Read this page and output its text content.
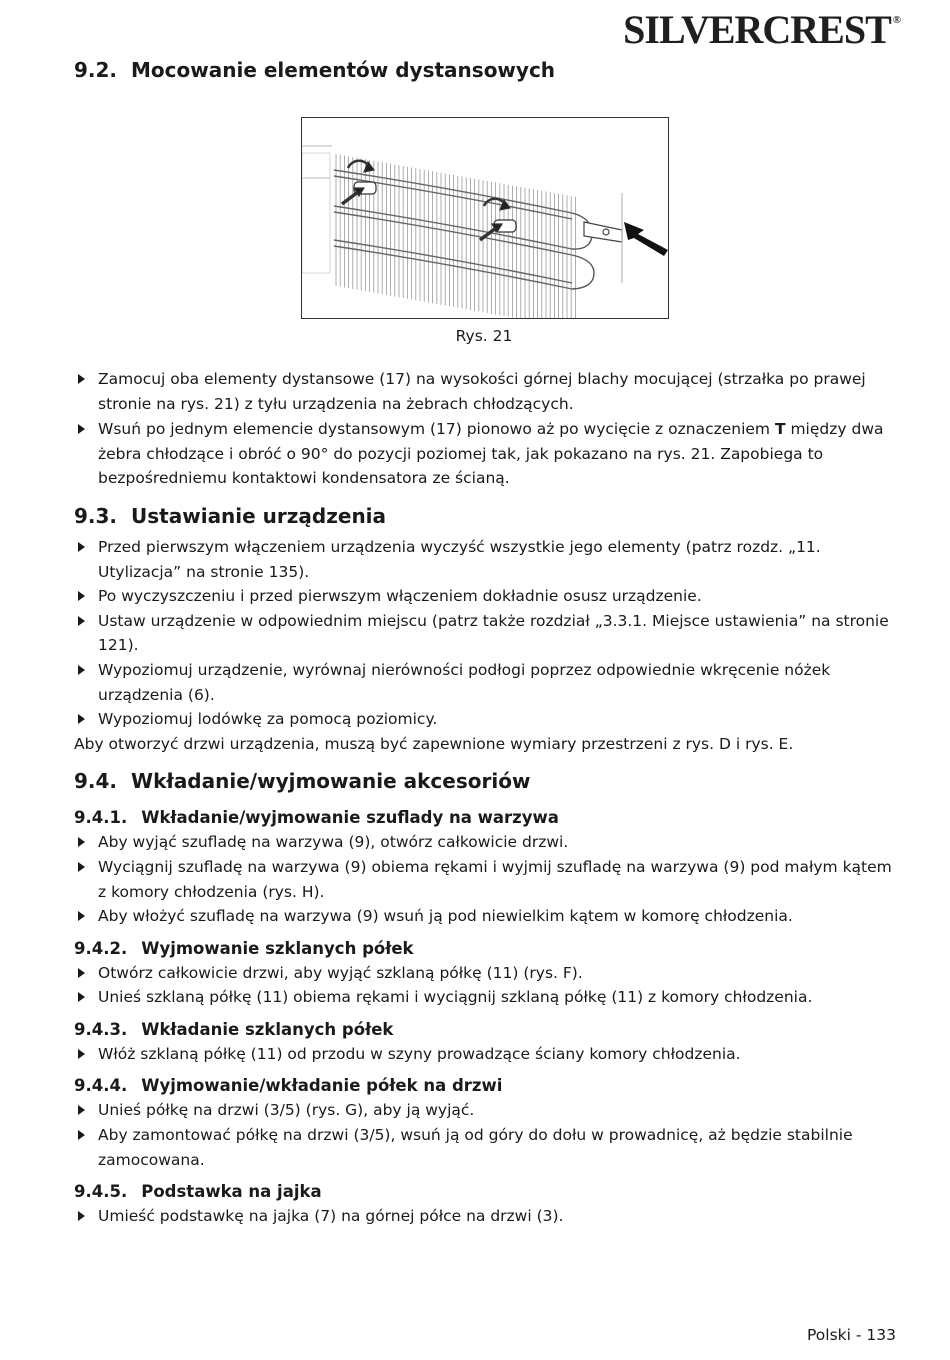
SILVERCREST ®
9.2. Mocowanie elementów dystansowych
Rys. 21
Zamocuj oba elementy dystansowe (17) na wysokości górnej blachy mocującej (strzałka po prawej stronie na rys. 21) z tyłu urządzenia na żebrach chłodzących.
Wsuń po jednym elemencie dystansowym (17) pionowo aż po wycięcie z oznaczeniem T między dwa żebra chłodzące i obróć o 90° do pozycji poziomej tak, jak pokazano na rys. 21. Zapobiega to bezpośredniemu kontaktowi kondensatora ze ścianą.
9.3. Ustawianie urządzenia
Przed pierwszym włączeniem urządzenia wyczyść wszystkie jego elementy (patrz rozdz. „11. Utylizacja” na stronie 135).
Po wyczyszczeniu i przed pierwszym włączeniem dokładnie osusz urządzenie.
Ustaw urządzenie w odpowiednim miejscu (patrz także rozdział „3.3.1. Miejsce ustawienia” na stronie 121).
Wypoziomuj urządzenie, wyrównaj nierówności podłogi poprzez odpowiednie wkręcenie nóżek urządzenia (6).
Wypoziomuj lodówkę za pomocą poziomicy.

Aby otworzyć drzwi urządzenia, muszą być zapewnione wymiary przestrzeni z rys. D i rys. E.

9.4. Wkładanie/wyjmowanie akcesoriów
9.4.1. Wkładanie/wyjmowanie szuflady na warzywa
Aby wyjąć szufladę na warzywa (9), otwórz całkowicie drzwi.
Wyciągnij szufladę na warzywa (9) obiema rękami i wyjmij szufladę na warzywa (9) pod małym kątem z komory chłodzenia (rys. H).
Aby włożyć szufladę na warzywa (9) wsuń ją pod niewielkim kątem w komorę chłodzenia.
9.4.2. Wyjmowanie szklanych półek
Otwórz całkowicie drzwi, aby wyjąć szklaną półkę (11) (rys. F).
Unieś szklaną półkę (11) obiema rękami i wyciągnij szklaną półkę (11) z komory chłodzenia.
9.4.3. Wkładanie szklanych półek
Włóż szklaną półkę (11) od przodu w szyny prowadzące ściany komory chłodzenia.
9.4.4. Wyjmowanie/wkładanie półek na drzwi
Unieś półkę na drzwi (3/5) (rys. G), aby ją wyjąć.
Aby zamontować półkę na drzwi (3/5), wsuń ją od góry do dołu w prowadnicę, aż będzie stabilnie zamocowana.
9.4.5. Podstawka na jajka
Umieść podstawkę na jajka (7) na górnej półce na drzwi (3).
Polski - 133
